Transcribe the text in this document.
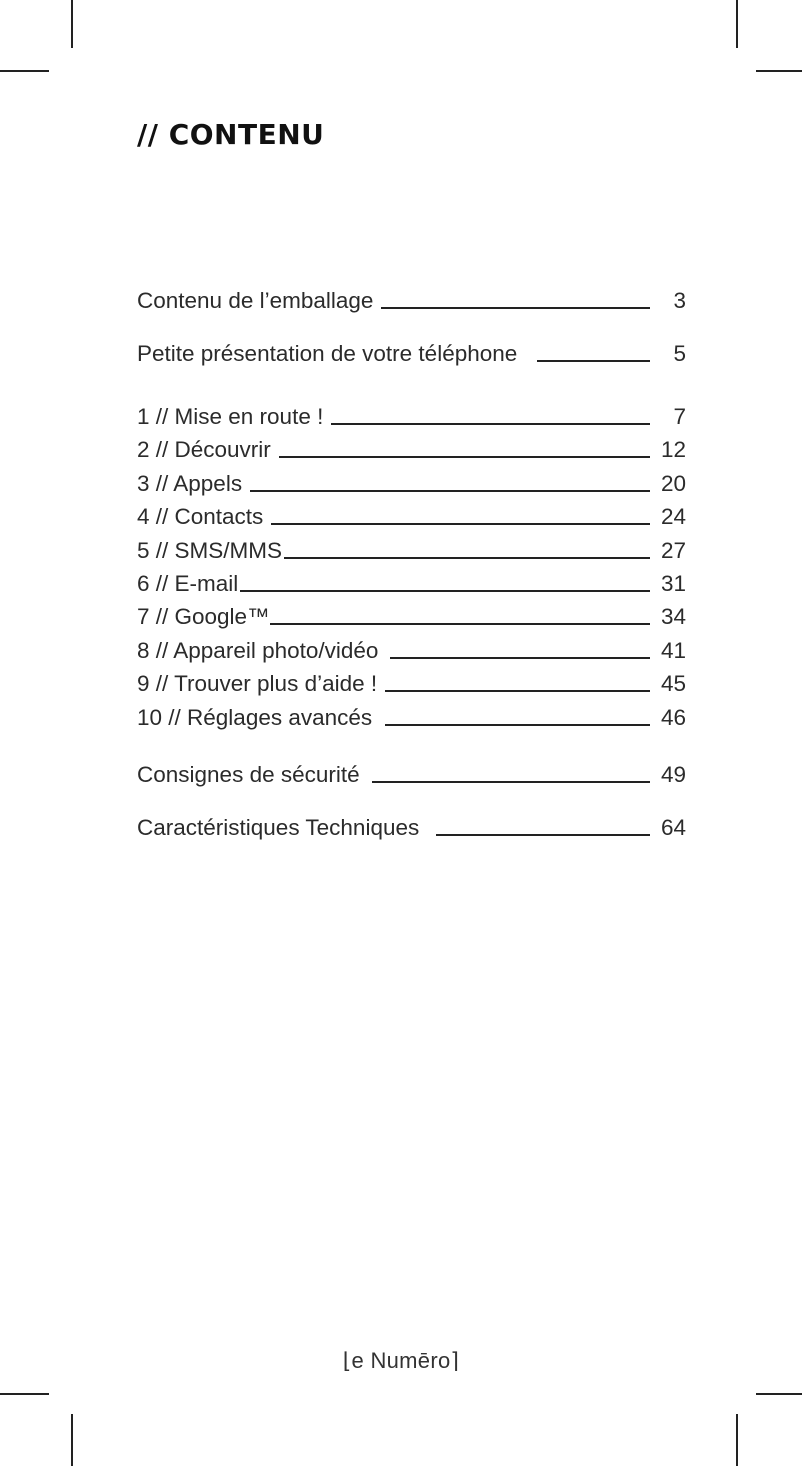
// CONTENU
Contenu de l’emballage	3
Petite présentation de votre téléphone	5
1 // Mise en route !	7
2 // Découvrir	12
3 // Appels	20
4 // Contacts	24
5 // SMS/MMS	27
6 // E-mail	31
7 // Google™	34
8 // Appareil photo/vidéo	41
9 // Trouver plus d’aide !	45
10 // Réglages avancés	46
Consignes de sécurité	49
Caractéristiques Techniques	64
⌊e Numēro⌉
